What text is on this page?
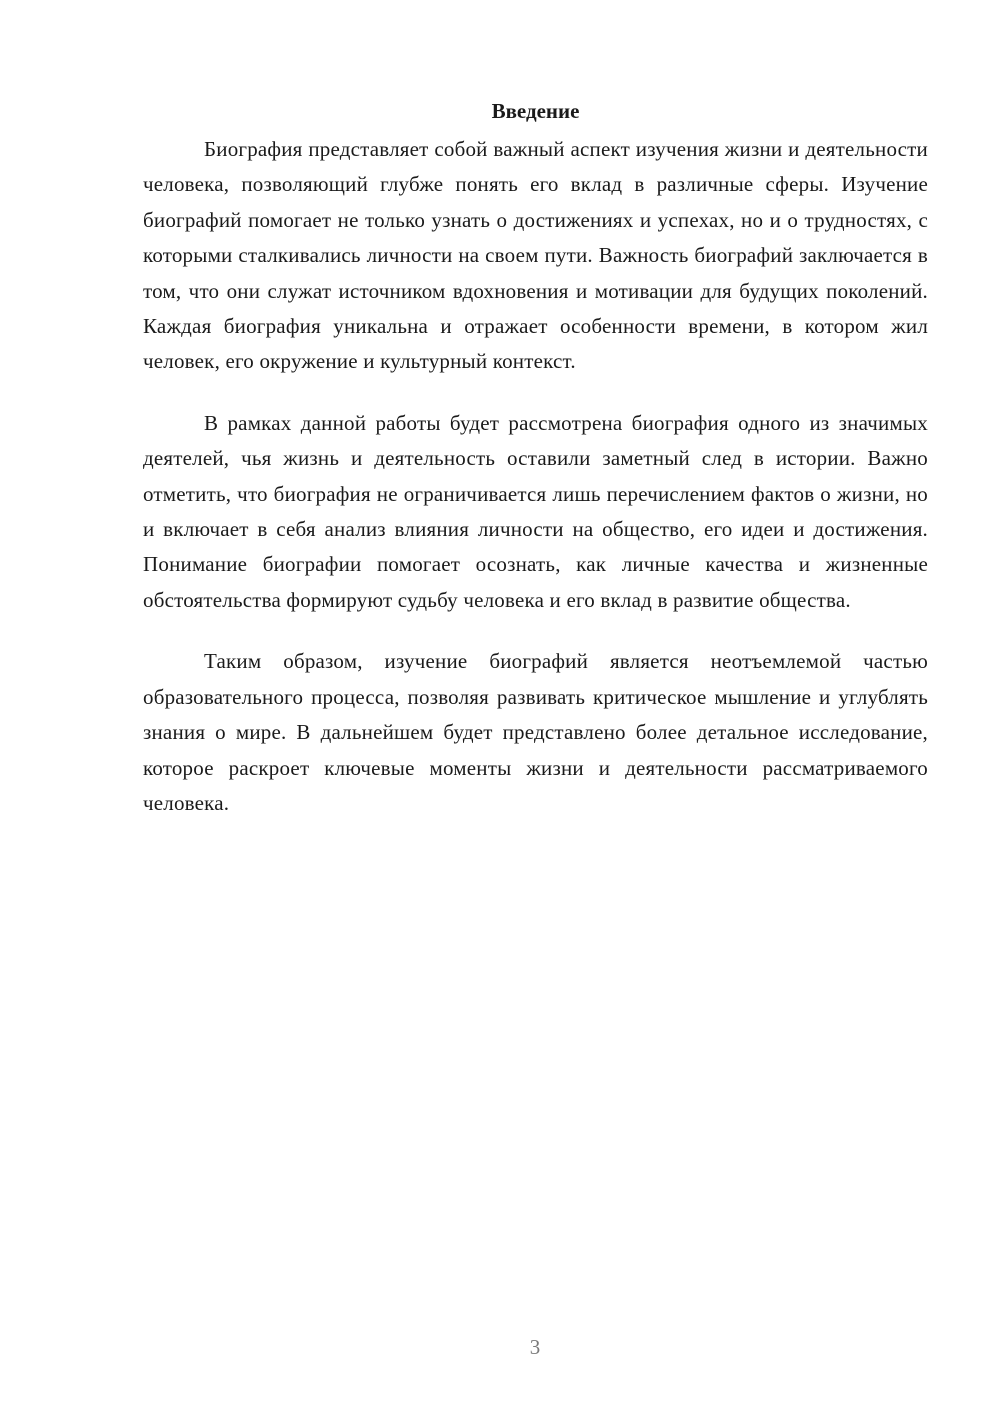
Введение

Биография представляет собой важный аспект изучения жизни и деятельности человека, позволяющий глубже понять его вклад в различные сферы. Изучение биографий помогает не только узнать о достижениях и успехах, но и о трудностях, с которыми сталкивались личности на своем пути. Важность биографий заключается в том, что они служат источником вдохновения и мотивации для будущих поколений. Каждая биография уникальна и отражает особенности времени, в котором жил человек, его окружение и культурный контекст.

В рамках данной работы будет рассмотрена биография одного из значимых деятелей, чья жизнь и деятельность оставили заметный след в истории. Важно отметить, что биография не ограничивается лишь перечислением фактов о жизни, но и включает в себя анализ влияния личности на общество, его идеи и достижения. Понимание биографии помогает осознать, как личные качества и жизненные обстоятельства формируют судьбу человека и его вклад в развитие общества.

Таким образом, изучение биографий является неотъемлемой частью образовательного процесса, позволяя развивать критическое мышление и углублять знания о мире. В дальнейшем будет представлено более детальное исследование, которое раскроет ключевые моменты жизни и деятельности рассматриваемого человека.

3
